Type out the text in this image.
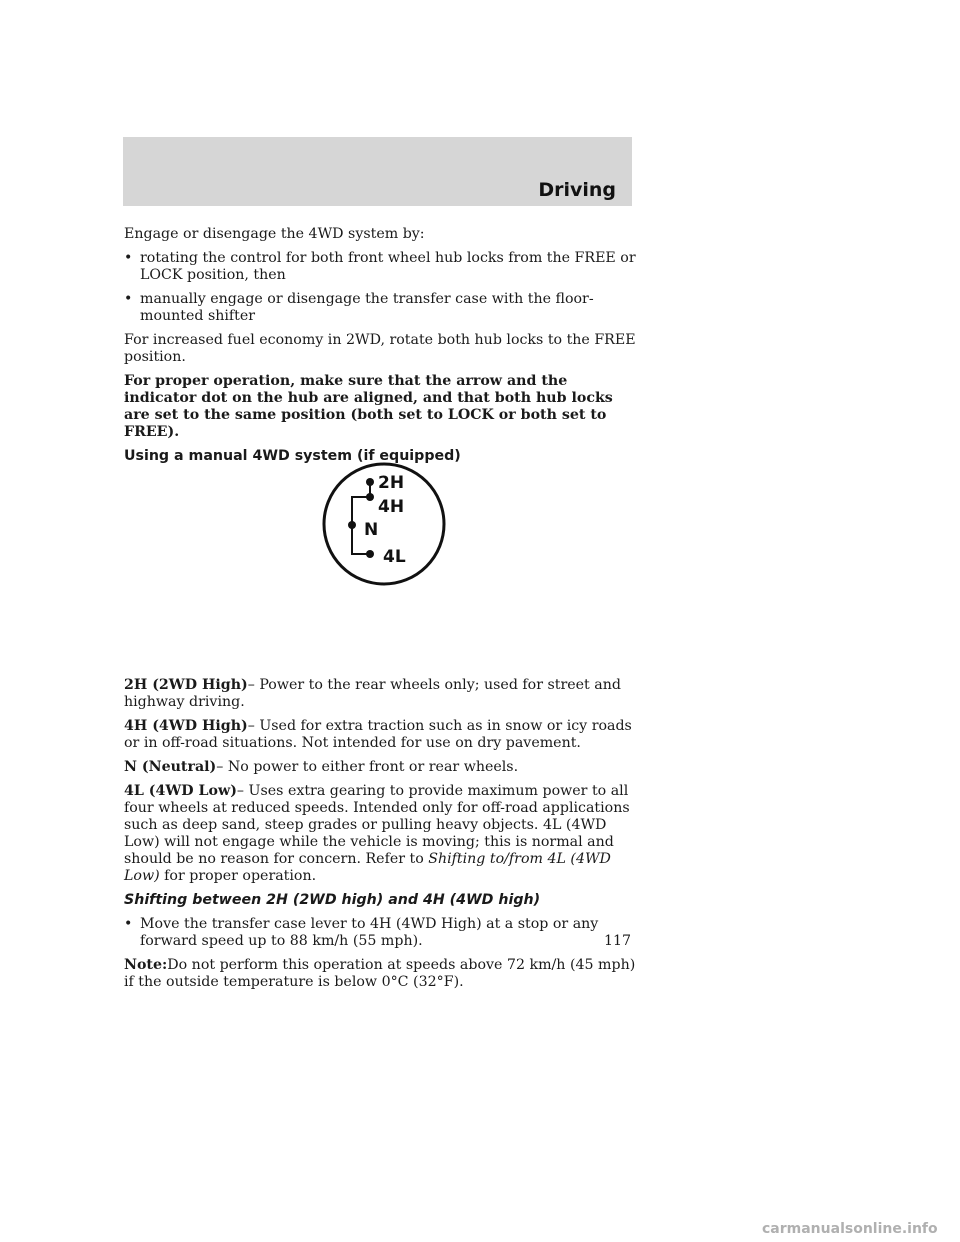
Driving

Engage or disengage the 4WD system by:

• rotating the control for both front wheel hub locks from the FREE or LOCK position, then
• manually engage or disengage the transfer case with the floor-mounted shifter

For increased fuel economy in 2WD, rotate both hub locks to the FREE position.

For proper operation, make sure that the arrow and the indicator dot on the hub are aligned, and that both hub locks are set to the same position (both set to LOCK or both set to FREE).

Using a manual 4WD system (if equipped)

2H (2WD High)– Power to the rear wheels only; used for street and highway driving.

4H (4WD High)– Used for extra traction such as in snow or icy roads or in off-road situations. Not intended for use on dry pavement.

N (Neutral)– No power to either front or rear wheels.

4L (4WD Low)– Uses extra gearing to provide maximum power to all four wheels at reduced speeds. Intended only for off-road applications such as deep sand, steep grades or pulling heavy objects. 4L (4WD Low) will not engage while the vehicle is moving; this is normal and should be no reason for concern. Refer to Shifting to/from 4L (4WD Low) for proper operation.

Shifting between 2H (2WD high) and 4H (4WD high)

• Move the transfer case lever to 4H (4WD High) at a stop or any forward speed up to 88 km/h (55 mph).

Note:Do not perform this operation at speeds above 72 km/h (45 mph) if the outside temperature is below 0°C (32°F).

2H
4H
N
4L
117
carmanualsonline.info
